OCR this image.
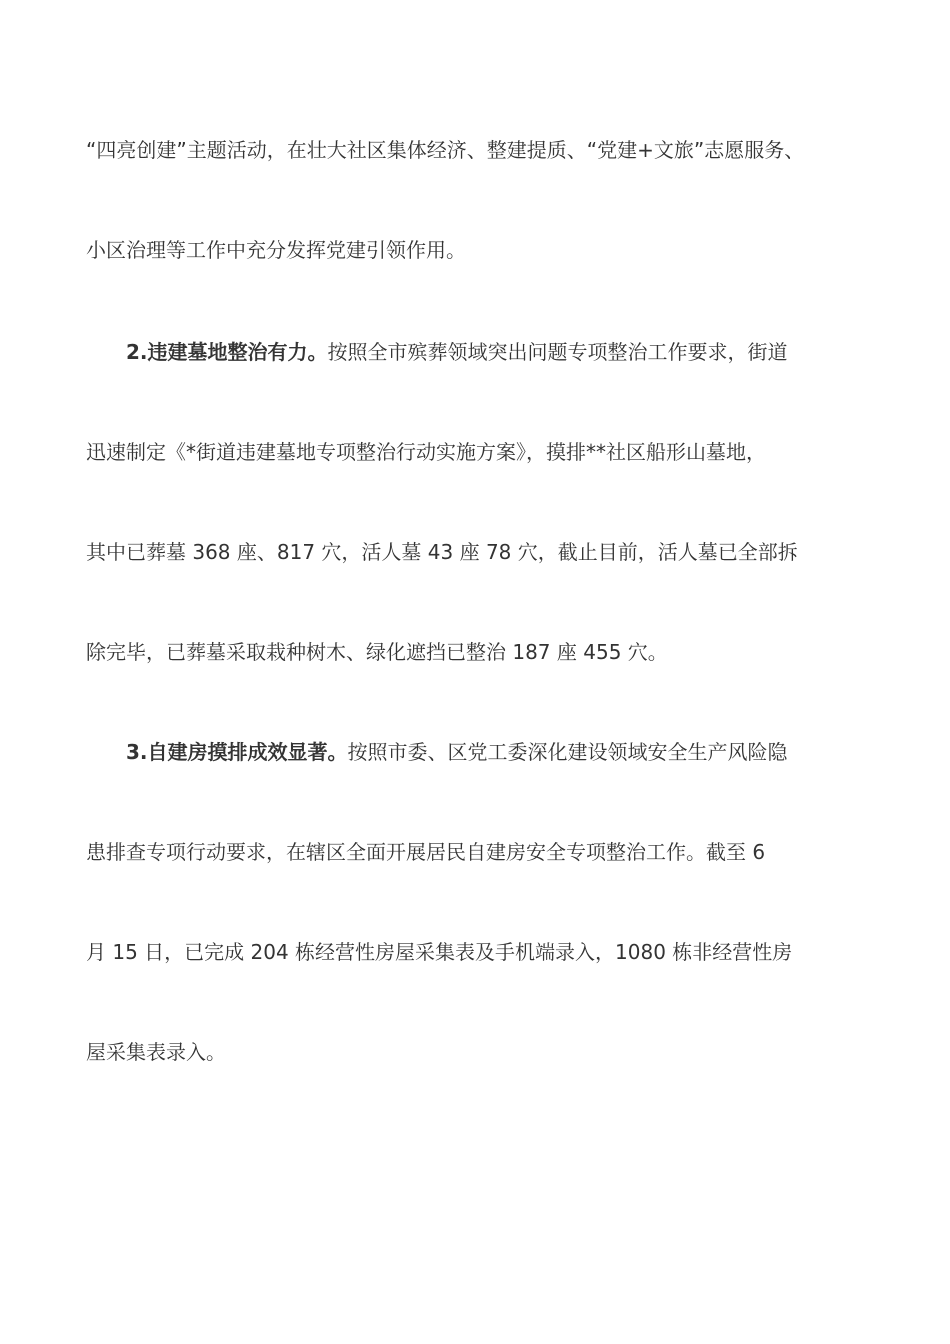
“四亮创建”主题活动，在壮大社区集体经济、整建提质、“党建+文旅”志愿服务、
小区治理等工作中充分发挥党建引领作用。
2.违建墓地整治有力。按照全市殡葬领域突出问题专项整治工作要求，街道
迅速制定《*街道违建墓地专项整治行动实施方案》，摸排**社区船形山墓地，
其中已葬墓 368 座、817 穴，活人墓 43 座 78 穴，截止目前，活人墓已全部拆
除完毕，已葬墓采取栽种树木、绿化遮挡已整治 187 座 455 穴。
3.自建房摸排成效显著。按照市委、区党工委深化建设领域安全生产风险隐
患排查专项行动要求，在辖区全面开展居民自建房安全专项整治工作。截至 6
月 15 日，已完成 204 栋经营性房屋采集表及手机端录入，1080 栋非经营性房
屋采集表录入。
